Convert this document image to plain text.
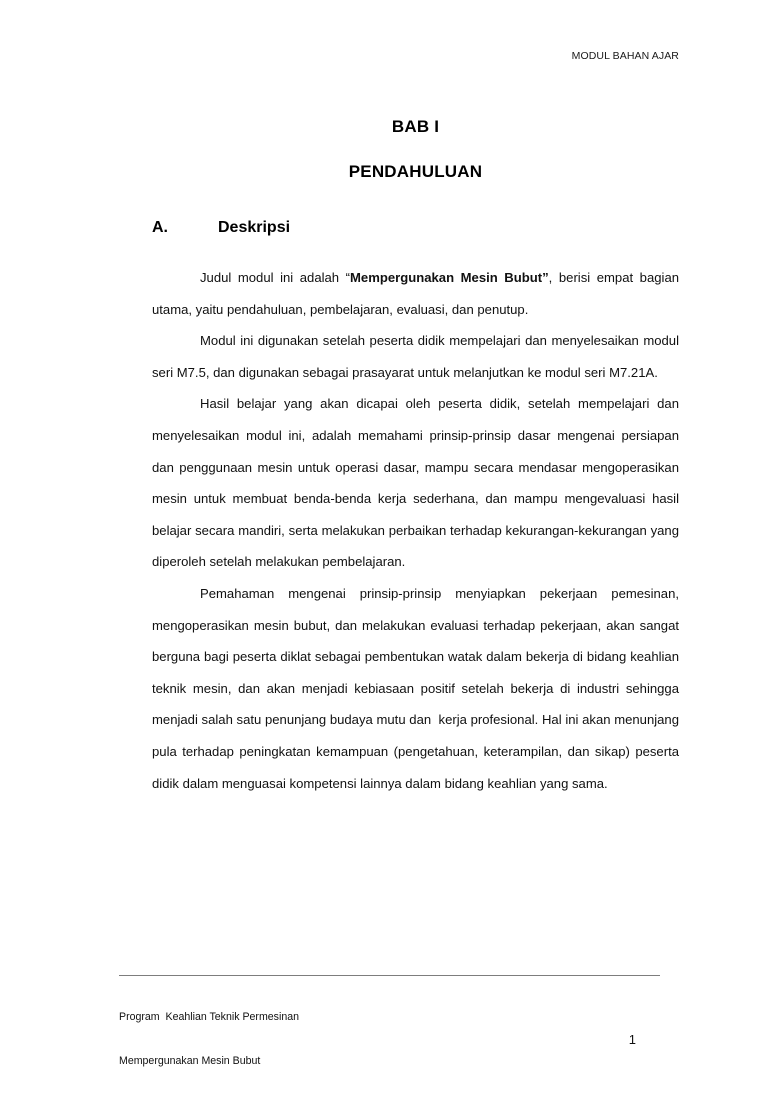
MODUL BAHAN AJAR
BAB I
PENDAHULUAN
A.	Deskripsi

Judul modul ini adalah “Mempergunakan Mesin Bubut”, berisi empat bagian utama, yaitu pendahuluan, pembelajaran, evaluasi, dan penutup.

Modul ini digunakan setelah peserta didik mempelajari dan menyelesaikan modul seri M7.5, dan digunakan sebagai prasayarat untuk melanjutkan ke modul seri M7.21A.

Hasil belajar yang akan dicapai oleh peserta didik, setelah mempelajari dan menyelesaikan modul ini, adalah memahami prinsip-prinsip dasar mengenai persiapan dan penggunaan mesin untuk operasi dasar, mampu secara mendasar mengoperasikan mesin untuk membuat benda-benda kerja sederhana, dan mampu mengevaluasi hasil belajar secara mandiri, serta melakukan perbaikan terhadap kekurangan-kekurangan yang diperoleh setelah melakukan pembelajaran.

Pemahaman mengenai prinsip-prinsip menyiapkan pekerjaan pemesinan, mengoperasikan mesin bubut, dan melakukan evaluasi terhadap pekerjaan, akan sangat berguna bagi peserta diklat sebagai pembentukan watak dalam bekerja di bidang keahlian teknik mesin, dan akan menjadi kebiasaan positif setelah bekerja di industri sehingga menjadi salah satu penunjang budaya mutu dan  kerja profesional. Hal ini akan menunjang  pula terhadap peningkatan kemampuan (pengetahuan, keterampilan, dan sikap) peserta didik dalam menguasai kompetensi lainnya dalam bidang keahlian yang sama.

Program  Keahlian Teknik Permesinan

Mempergunakan Mesin Bubut

1
